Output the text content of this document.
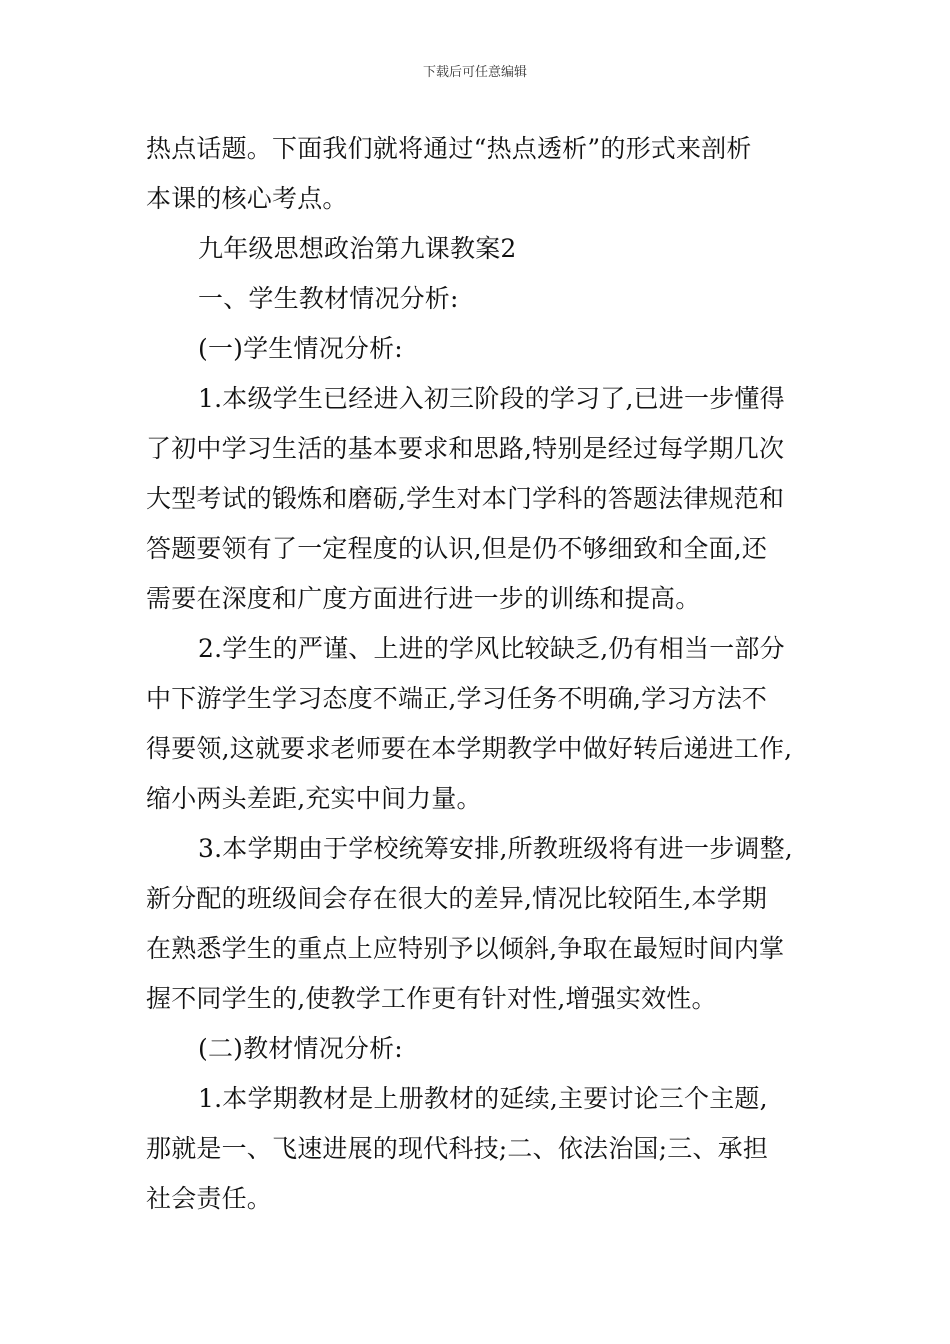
下载后可任意编辑
热点话题。下面我们就将通过“热点透析”的形式来剖析
本课的核心考点。
九年级思想政治第九课教案2
一、学生教材情况分析:
(一)学生情况分析:
1.本级学生已经进入初三阶段的学习了,已进一步懂得
了初中学习生活的基本要求和思路,特别是经过每学期几次
大型考试的锻炼和磨砺,学生对本门学科的答题法律规范和
答题要领有了一定程度的认识,但是仍不够细致和全面,还
需要在深度和广度方面进行进一步的训练和提高。
2.学生的严谨、上进的学风比较缺乏,仍有相当一部分
中下游学生学习态度不端正,学习任务不明确,学习方法不
得要领,这就要求老师要在本学期教学中做好转后递进工作,
缩小两头差距,充实中间力量。
3.本学期由于学校统筹安排,所教班级将有进一步调整,
新分配的班级间会存在很大的差异,情况比较陌生,本学期
在熟悉学生的重点上应特别予以倾斜,争取在最短时间内掌
握不同学生的,使教学工作更有针对性,增强实效性。
(二)教材情况分析:
1.本学期教材是上册教材的延续,主要讨论三个主题,
那就是一、飞速进展的现代科技;二、依法治国;三、承担
社会责任。
